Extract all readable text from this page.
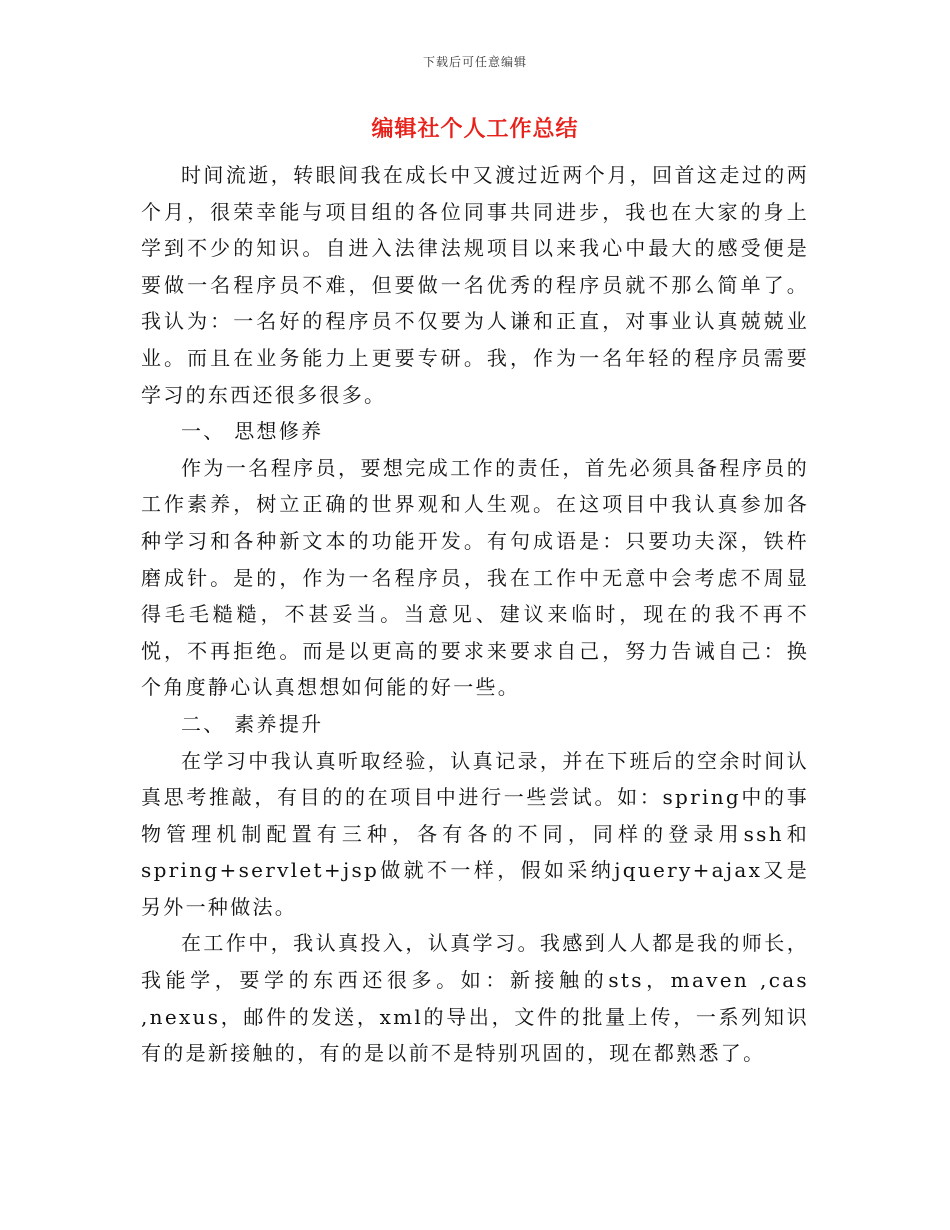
下载后可任意编辑
编辑社个人工作总结

时间流逝，转眼间我在成长中又渡过近两个月，回首这走过的两个月，很荣幸能与项目组的各位同事共同进步，我也在大家的身上学到不少的知识。自进入法律法规项目以来我心中最大的感受便是要做一名程序员不难，但要做一名优秀的程序员就不那么简单了。我认为：一名好的程序员不仅要为人谦和正直，对事业认真兢兢业业。而且在业务能力上更要专研。我，作为一名年轻的程序员需要学习的东西还很多很多。

一、 思想修养

作为一名程序员，要想完成工作的责任，首先必须具备程序员的工作素养，树立正确的世界观和人生观。在这项目中我认真参加各种学习和各种新文本的功能开发。有句成语是：只要功夫深，铁杵磨成针。是的，作为一名程序员，我在工作中无意中会考虑不周显得毛毛糙糙，不甚妥当。当意见、建议来临时，现在的我不再不悦，不再拒绝。而是以更高的要求来要求自己，努力告诫自己：换个角度静心认真想想如何能的好一些。

二、 素养提升

在学习中我认真听取经验，认真记录，并在下班后的空余时间认真思考推敲，有目的的在项目中进行一些尝试。如：spring中的事物管理机制配置有三种，各有各的不同，同样的登录用ssh和spring+servlet+jsp做就不一样，假如采纳jquery+ajax又是另外一种做法。

在工作中，我认真投入，认真学习。我感到人人都是我的师长，我能学，要学的东西还很多。如：新接触的sts，maven ,cas ,nexus，邮件的发送，xml的导出，文件的批量上传，一系列知识有的是新接触的，有的是以前不是特别巩固的，现在都熟悉了。
